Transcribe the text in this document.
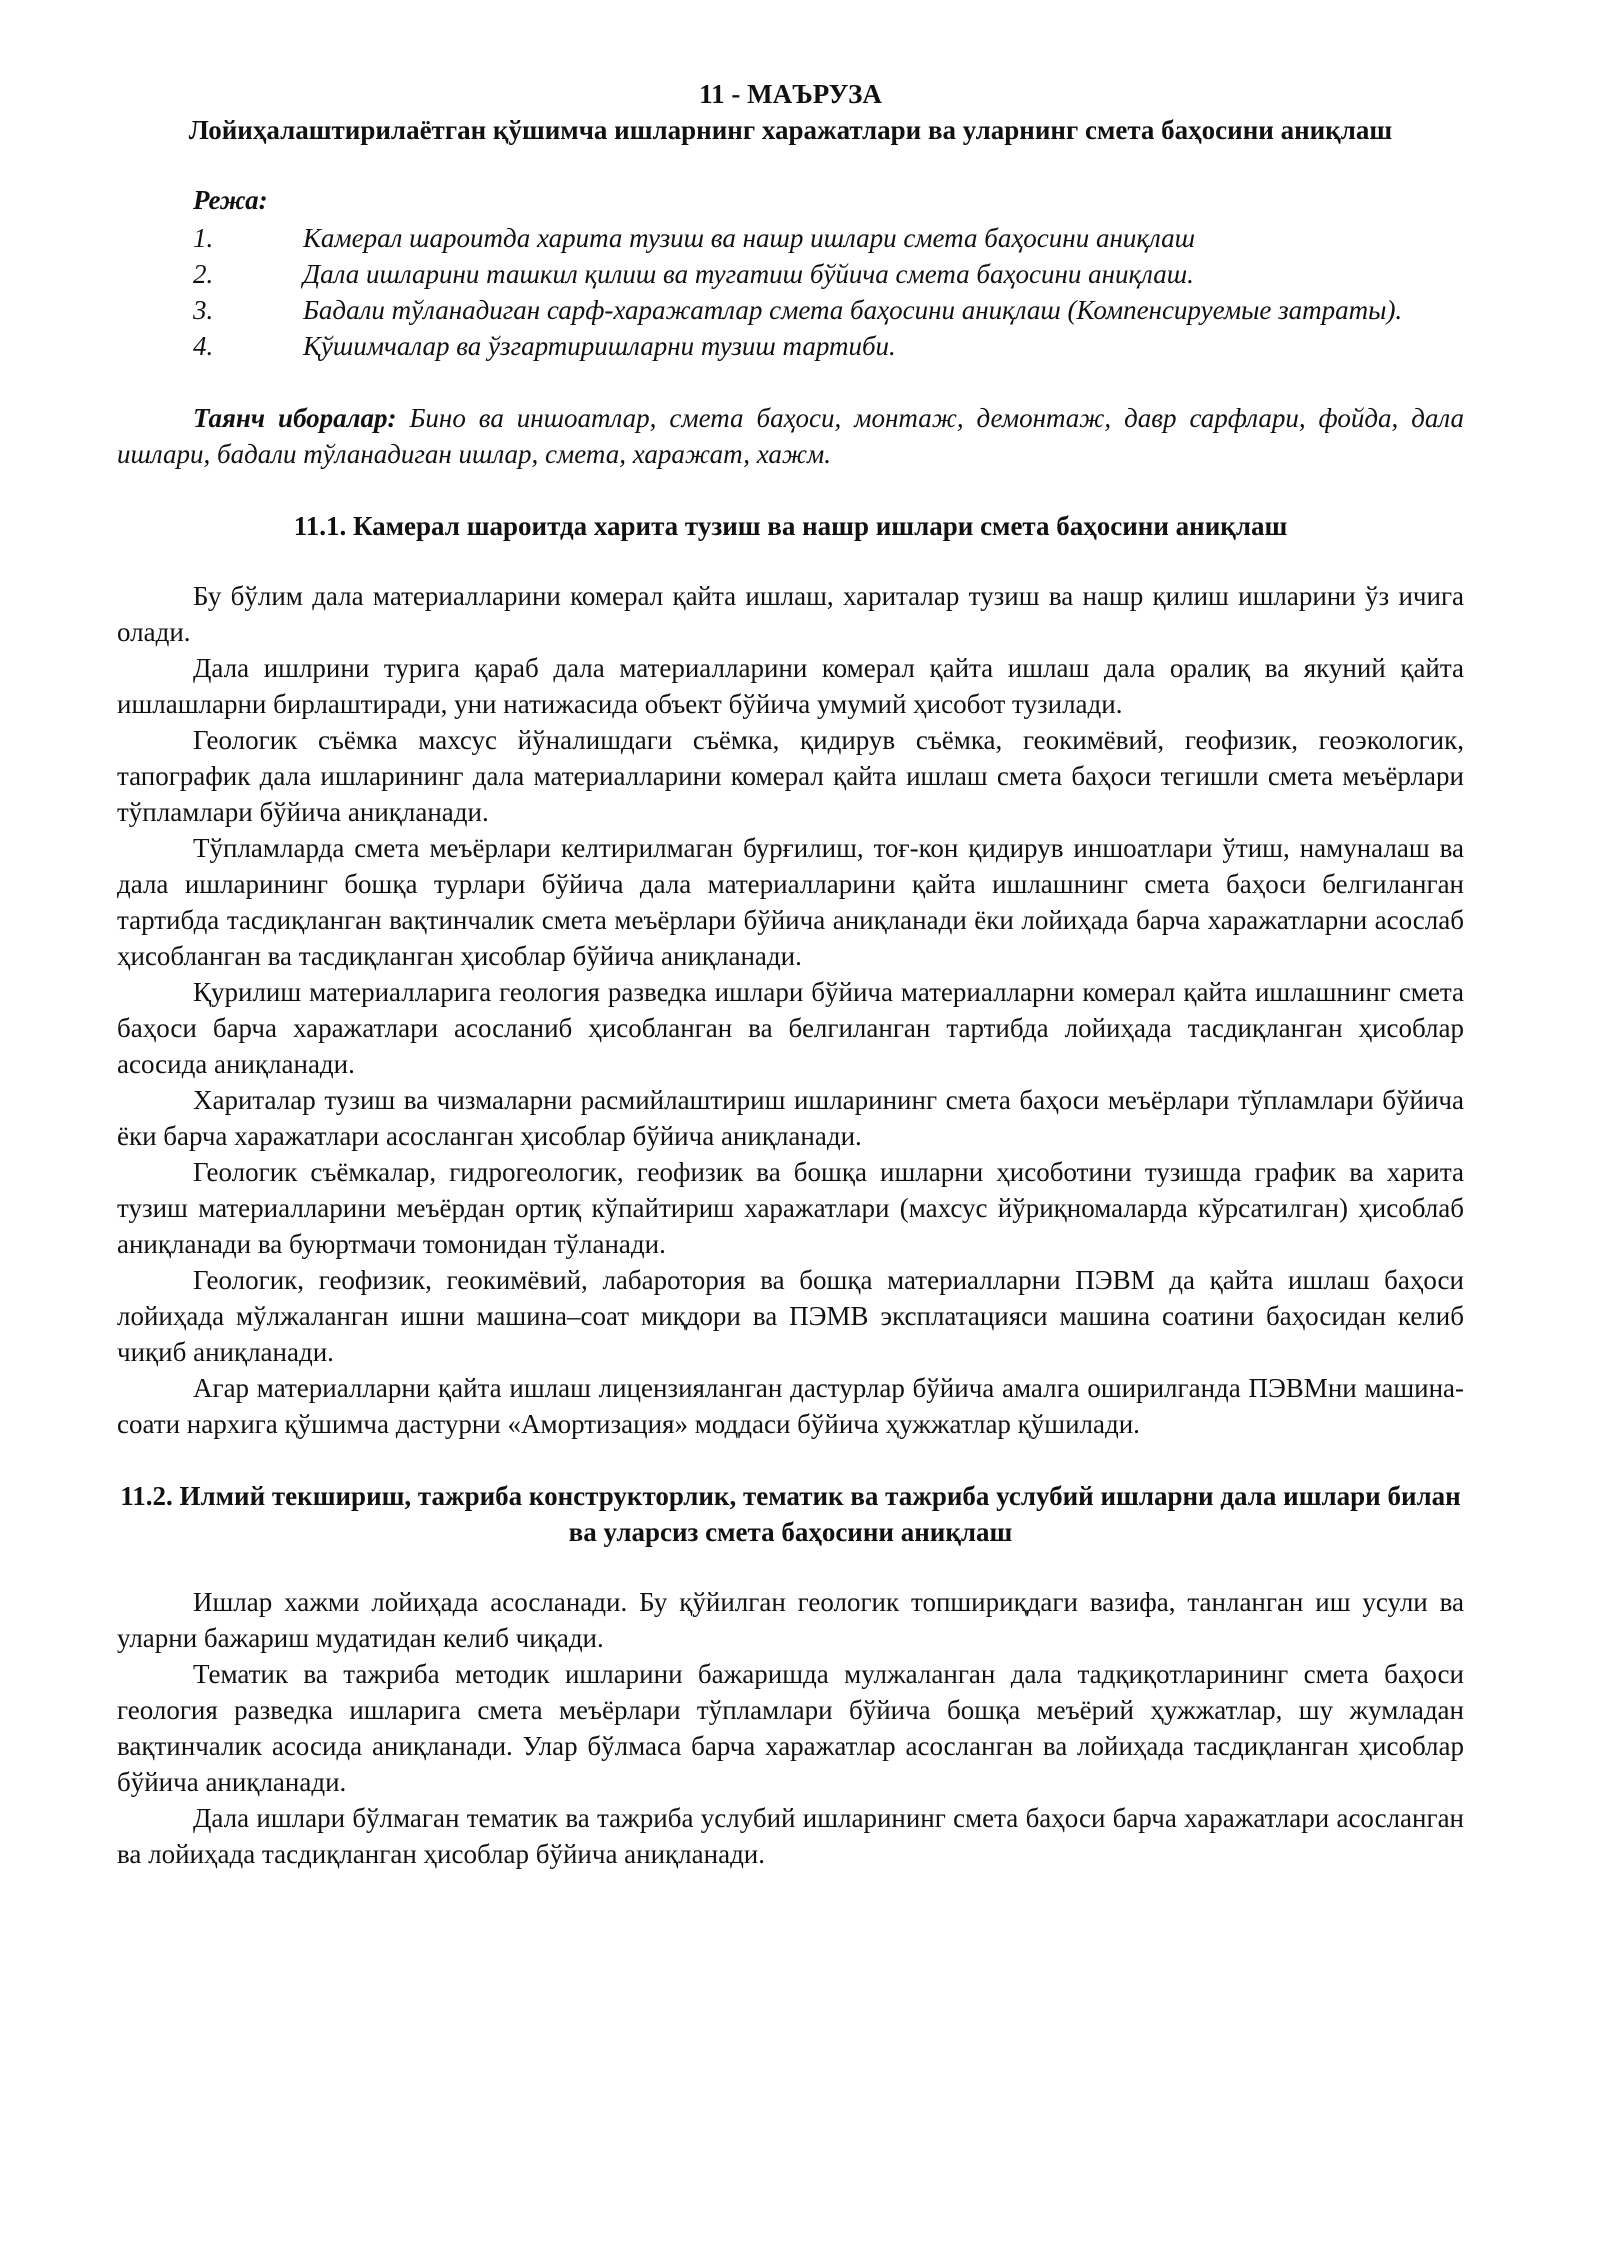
11 - МАЪРУЗА
Лойиҳалаштирилаётган қўшимча ишларнинг харажатлари ва уларнинг смета баҳосини аниқлаш
Режа:

1.	Камерал шароитда харита тузиш ва нашр ишлари смета баҳосини аниқлаш

2.	Дала ишларини ташкил қилиш ва тугатиш бўйича смета баҳосини аниқлаш.

3.	Бадали тўланадиган сарф-харажатлар смета баҳосини аниқлаш (Компенсируемые затраты).

4.	Қўшимчалар ва ўзгартиришларни тузиш тартиби.

Таянч иборалар: Бино ва иншоатлар, смета баҳоси, монтаж, демонтаж, давр сарфлари, фойда, дала ишлари, бадали тўланадиган ишлар, смета, харажат, хажм.

11.1. Камерал шароитда харита тузиш ва нашр ишлари смета баҳосини аниқлаш

Бу бўлим дала материалларини комерал қайта ишлаш, хариталар тузиш ва нашр қилиш ишларини ўз ичига олади.

Дала ишлрини турига қараб дала материалларини комерал қайта ишлаш дала оралиқ ва якуний қайта ишлашларни бирлаштиради, уни натижасида объект бўйича умумий ҳисобот тузилади.

Геологик съёмка махсус йўналишдаги съёмка, қидирув съёмка, геокимёвий, геофизик, геоэкологик, тапографик дала ишларининг дала материалларини комерал қайта ишлаш смета баҳоси тегишли смета меъёрлари тўпламлари бўйича аниқланади.

Тўпламларда смета меъёрлари келтирилмаган бурғилиш, тоғ-кон қидирув иншоатлари ўтиш, намуналаш ва дала ишларининг бошқа турлари бўйича дала материалларини қайта ишлашнинг смета баҳоси белгиланган тартибда тасдиқланган вақтинчалик смета меъёрлари бўйича аниқланади ёки лойиҳада барча харажатларни асослаб ҳисобланган ва тасдиқланган ҳисоблар бўйича аниқланади.

Қурилиш материалларига геология разведка ишлари бўйича материалларни комерал қайта ишлашнинг смета баҳоси барча харажатлари асосланиб ҳисобланган ва белгиланган тартибда лойиҳада тасдиқланган ҳисоблар асосида аниқланади.

Хариталар тузиш ва чизмаларни расмийлаштириш ишларининг смета баҳоси меъёрлари тўпламлари бўйича ёки барча харажатлари асосланган ҳисоблар бўйича аниқланади.

Геологик съёмкалар, гидрогеологик, геофизик ва бошқа ишларни ҳисоботини тузишда график ва харита тузиш материалларини меъёрдан ортиқ кўпайтириш харажатлари (махсус йўриқномаларда кўрсатилган) ҳисоблаб аниқланади ва буюртмачи томонидан тўланади.

Геологик, геофизик, геокимёвий, лабаротория ва бошқа материалларни ПЭВМ да қайта ишлаш баҳоси лойиҳада мўлжаланган ишни машина–соат миқдори ва ПЭМВ эксплатацияси машина соатини баҳосидан келиб чиқиб аниқланади.

Агар материалларни қайта ишлаш лицензияланган дастурлар бўйича амалга оширилганда ПЭВМни машина-соати нархига қўшимча дастурни «Амортизация» моддаси бўйича ҳужжатлар қўшилади.

11.2. Илмий текшириш, тажриба конструкторлик, тематик ва тажриба услубий ишларни дала ишлари билан ва уларсиз смета баҳосини аниқлаш

Ишлар хажми лойиҳада асосланади. Бу қўйилган геологик топшириқдаги вазифа, танланган иш усули ва уларни бажариш мудатидан келиб чиқади.

Тематик ва тажриба методик ишларини бажаришда мулжаланган дала тадқиқотларининг смета баҳоси геология разведка ишларига смета меъёрлари тўпламлари бўйича бошқа меъёрий ҳужжатлар, шу жумладан вақтинчалик асосида аниқланади. Улар бўлмаса барча харажатлар асосланган ва лойиҳада тасдиқланган ҳисоблар бўйича аниқланади.

Дала ишлари бўлмаган тематик ва тажриба услубий ишларининг смета баҳоси барча харажатлари асосланган ва лойиҳада тасдиқланган ҳисоблар бўйича аниқланади.
